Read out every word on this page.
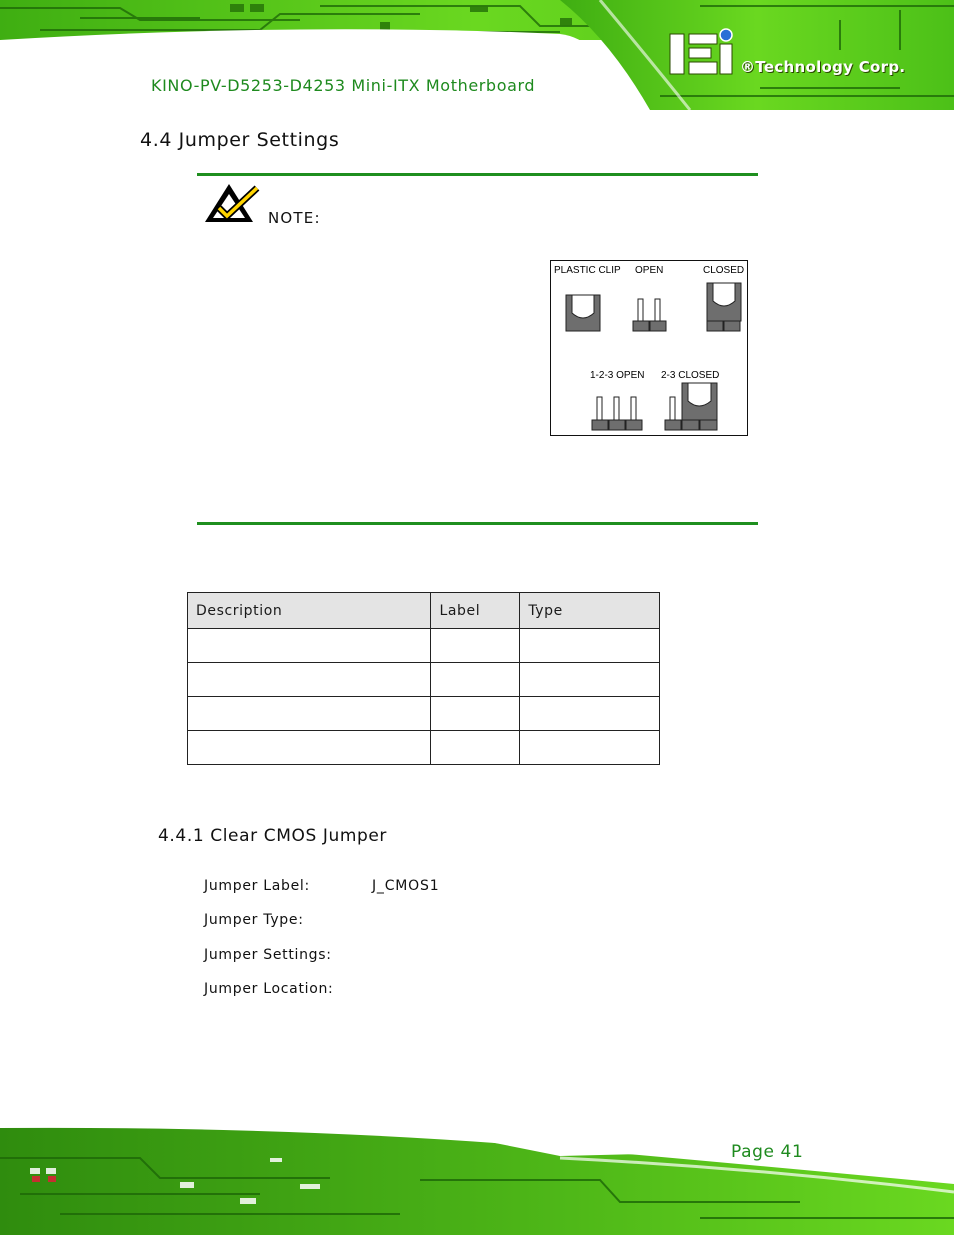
KINO-PV-D5253-D4253 Mini-ITX Motherboard
®Technology Corp.
4.4 Jumper Settings
NOTE:
PLASTIC CLIP OPEN	CLOSED
1-2-3 OPEN 2-3 CLOSED
Description	Label	Type

4.4.1 Clear CMOS Jumper
Jumper Label:	J_CMOS1
Jumper Type:
Jumper Settings:
Jumper Location:
Page 41
